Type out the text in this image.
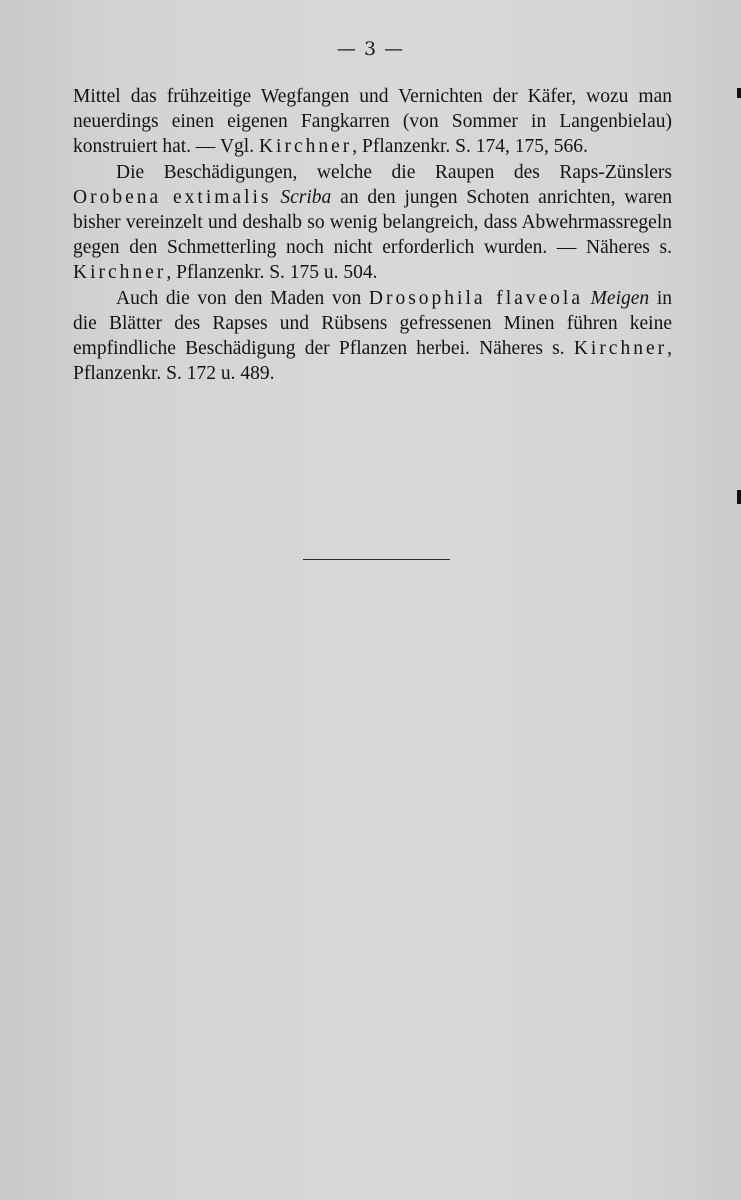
— 3 —

Mittel das frühzeitige Wegfangen und Vernichten der Käfer, wozu man neuerdings einen eigenen Fangkarren (von Sommer in Langenbielau) konstruiert hat. — Vgl. Kirchner, Pflanzenkr. S. 174, 175, 566.

Die Beschädigungen, welche die Raupen des Raps-Zünslers Orobena extimalis Scriba an den jungen Schoten anrichten, waren bisher vereinzelt und deshalb so wenig belangreich, dass Abwehrmassregeln gegen den Schmetterling noch nicht erforderlich wurden. — Näheres s. Kirchner, Pflanzenkr. S. 175 u. 504.

Auch die von den Maden von Drosophila flaveola Meigen in die Blätter des Rapses und Rübsens gefressenen Minen führen keine empfindliche Beschädigung der Pflanzen herbei. Näheres s. Kirchner, Pflanzenkr. S. 172 u. 489.
